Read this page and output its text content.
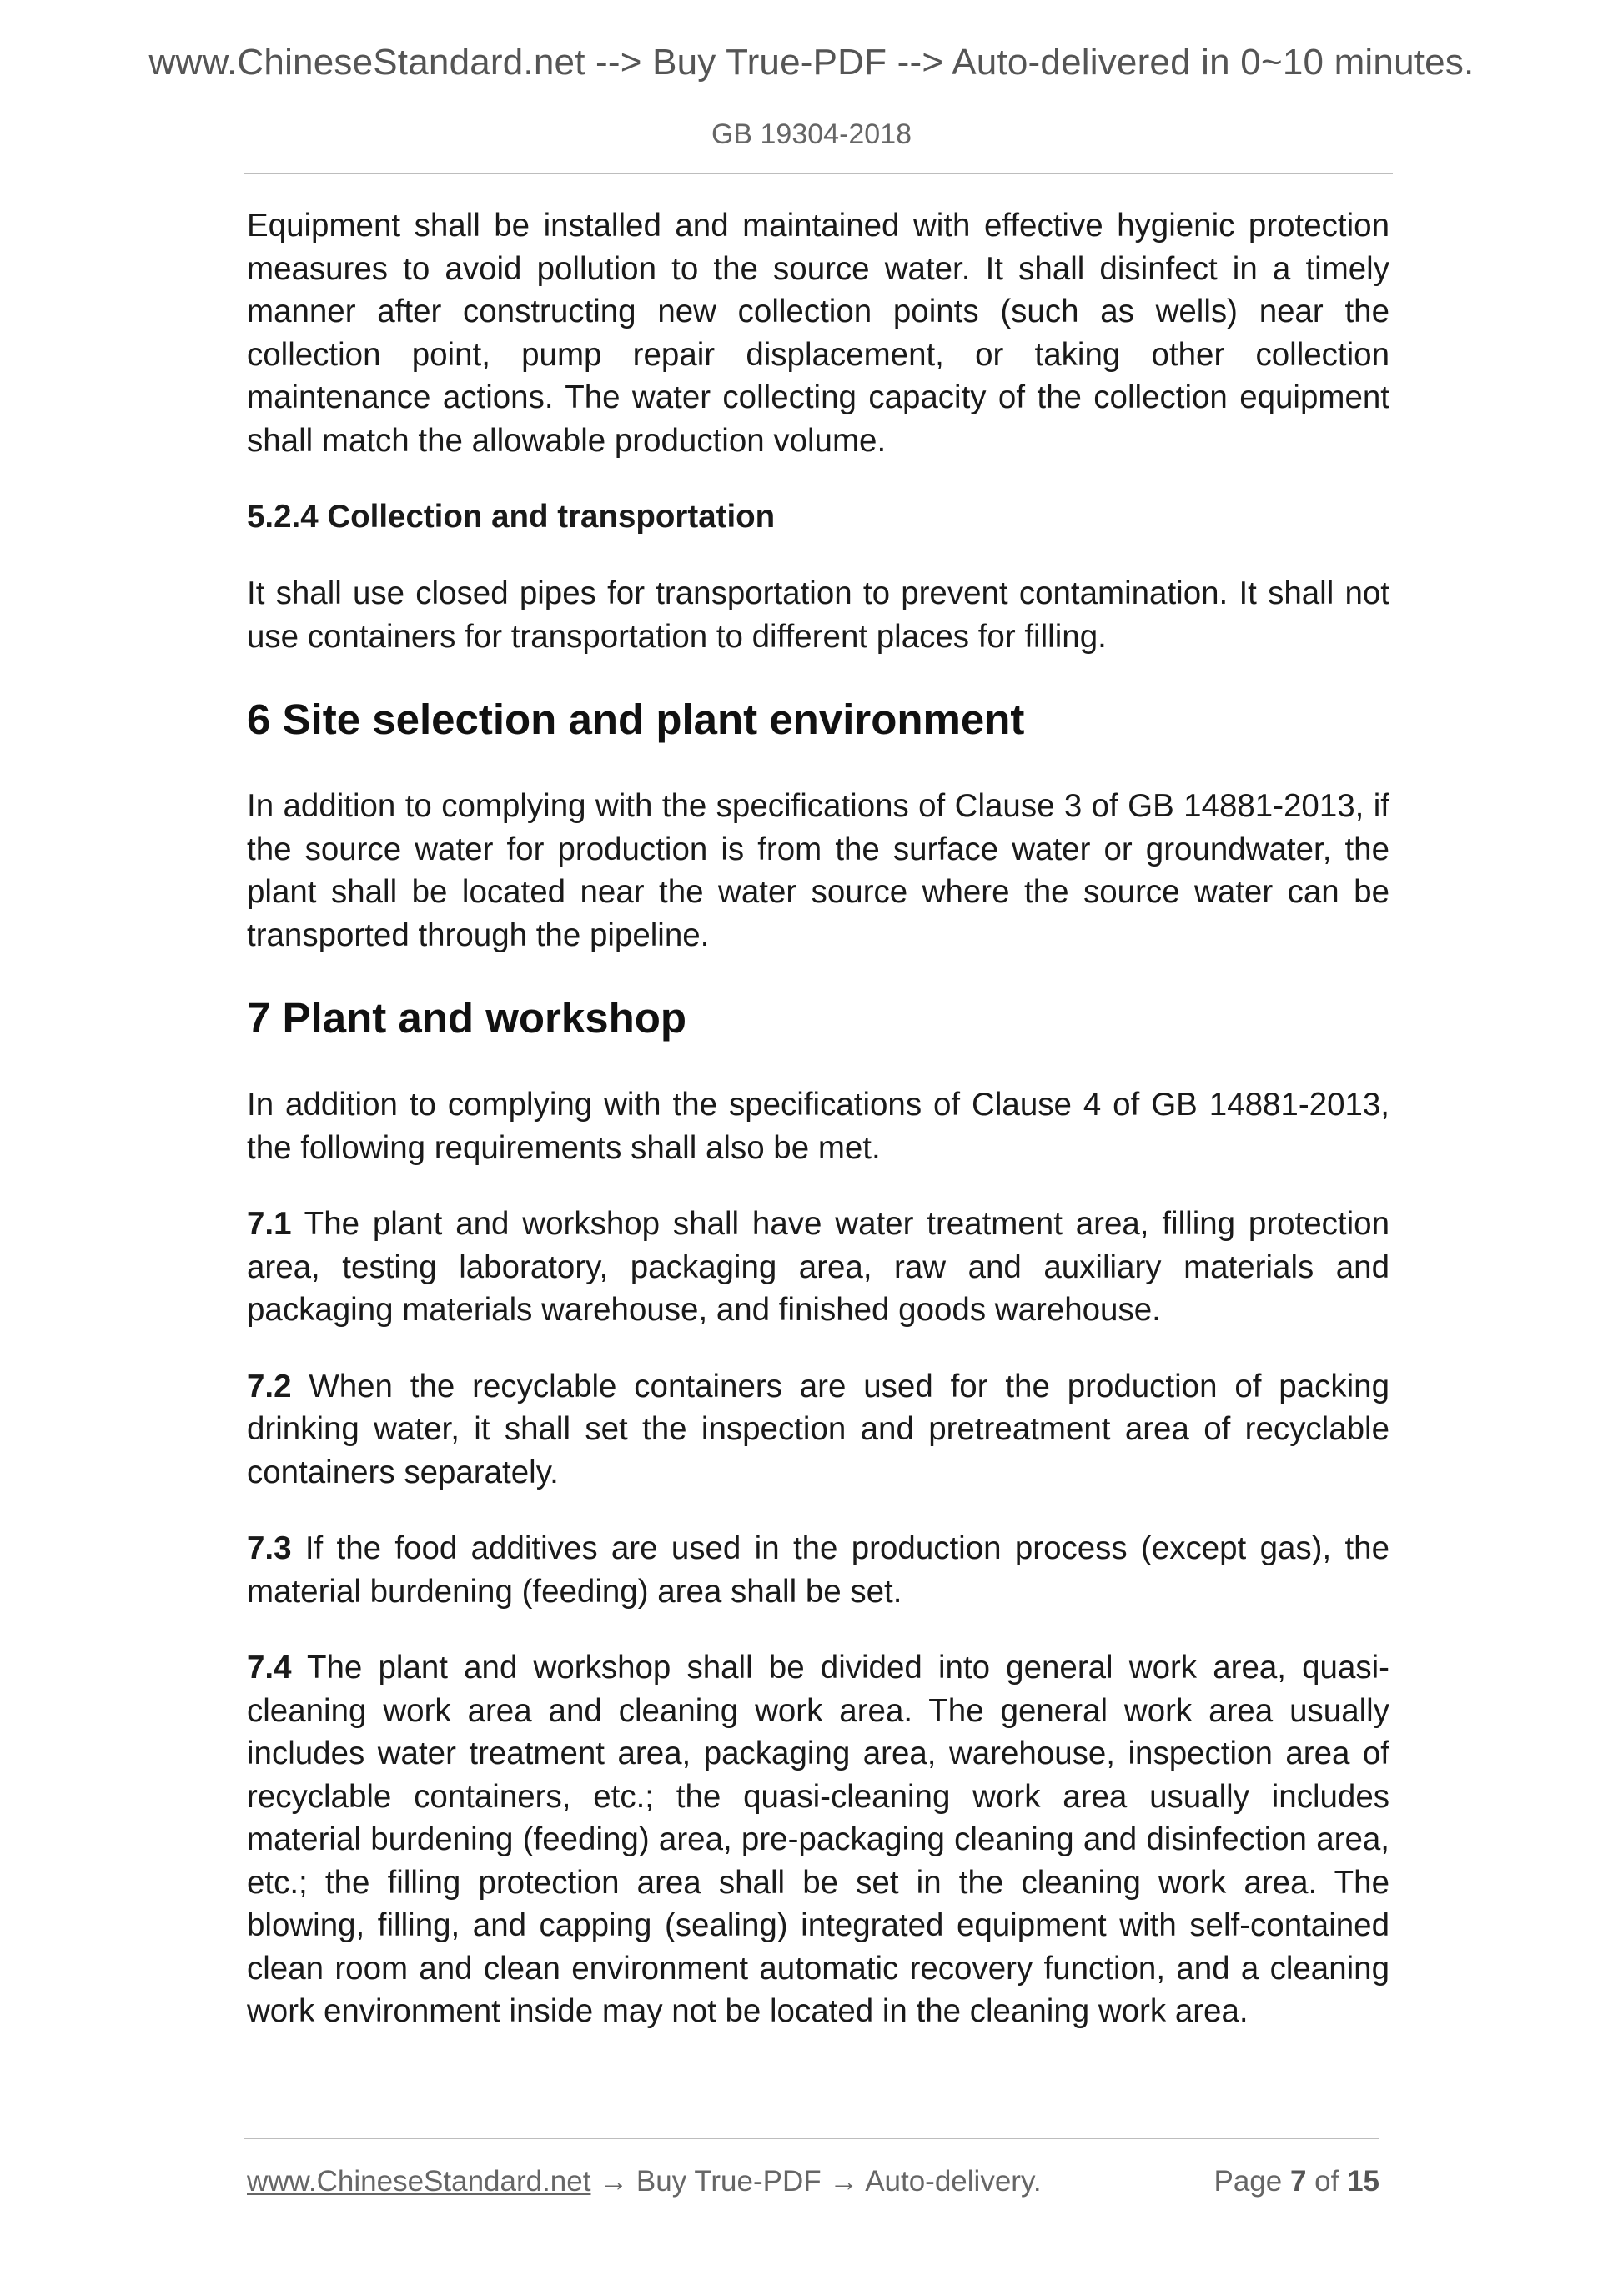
www.ChineseStandard.net --> Buy True-PDF --> Auto-delivered in 0~10 minutes.
GB 19304-2018

Equipment shall be installed and maintained with effective hygienic protection measures to avoid pollution to the source water. It shall disinfect in a timely manner after constructing new collection points (such as wells) near the collection point, pump repair displacement, or taking other collection maintenance actions. The water collecting capacity of the collection equipment shall match the allowable production volume.

5.2.4 Collection and transportation

It shall use closed pipes for transportation to prevent contamination. It shall not use containers for transportation to different places for filling.

6 Site selection and plant environment

In addition to complying with the specifications of Clause 3 of GB 14881-2013, if the source water for production is from the surface water or groundwater, the plant shall be located near the water source where the source water can be transported through the pipeline.

7 Plant and workshop

In addition to complying with the specifications of Clause 4 of GB 14881-2013, the following requirements shall also be met.

7.1 The plant and workshop shall have water treatment area, filling protection area, testing laboratory, packaging area, raw and auxiliary materials and packaging materials warehouse, and finished goods warehouse.

7.2 When the recyclable containers are used for the production of packing drinking water, it shall set the inspection and pretreatment area of recyclable containers separately.

7.3 If the food additives are used in the production process (except gas), the material burdening (feeding) area shall be set.

7.4 The plant and workshop shall be divided into general work area, quasi-cleaning work area and cleaning work area. The general work area usually includes water treatment area, packaging area, warehouse, inspection area of recyclable containers, etc.; the quasi-cleaning work area usually includes material burdening (feeding) area, pre-packaging cleaning and disinfection area, etc.; the filling protection area shall be set in the cleaning work area. The blowing, filling, and capping (sealing) integrated equipment with self-contained clean room and clean environment automatic recovery function, and a cleaning work environment inside may not be located in the cleaning work area.

www.ChineseStandard.net → Buy True-PDF → Auto-delivery.	Page 7 of 15
